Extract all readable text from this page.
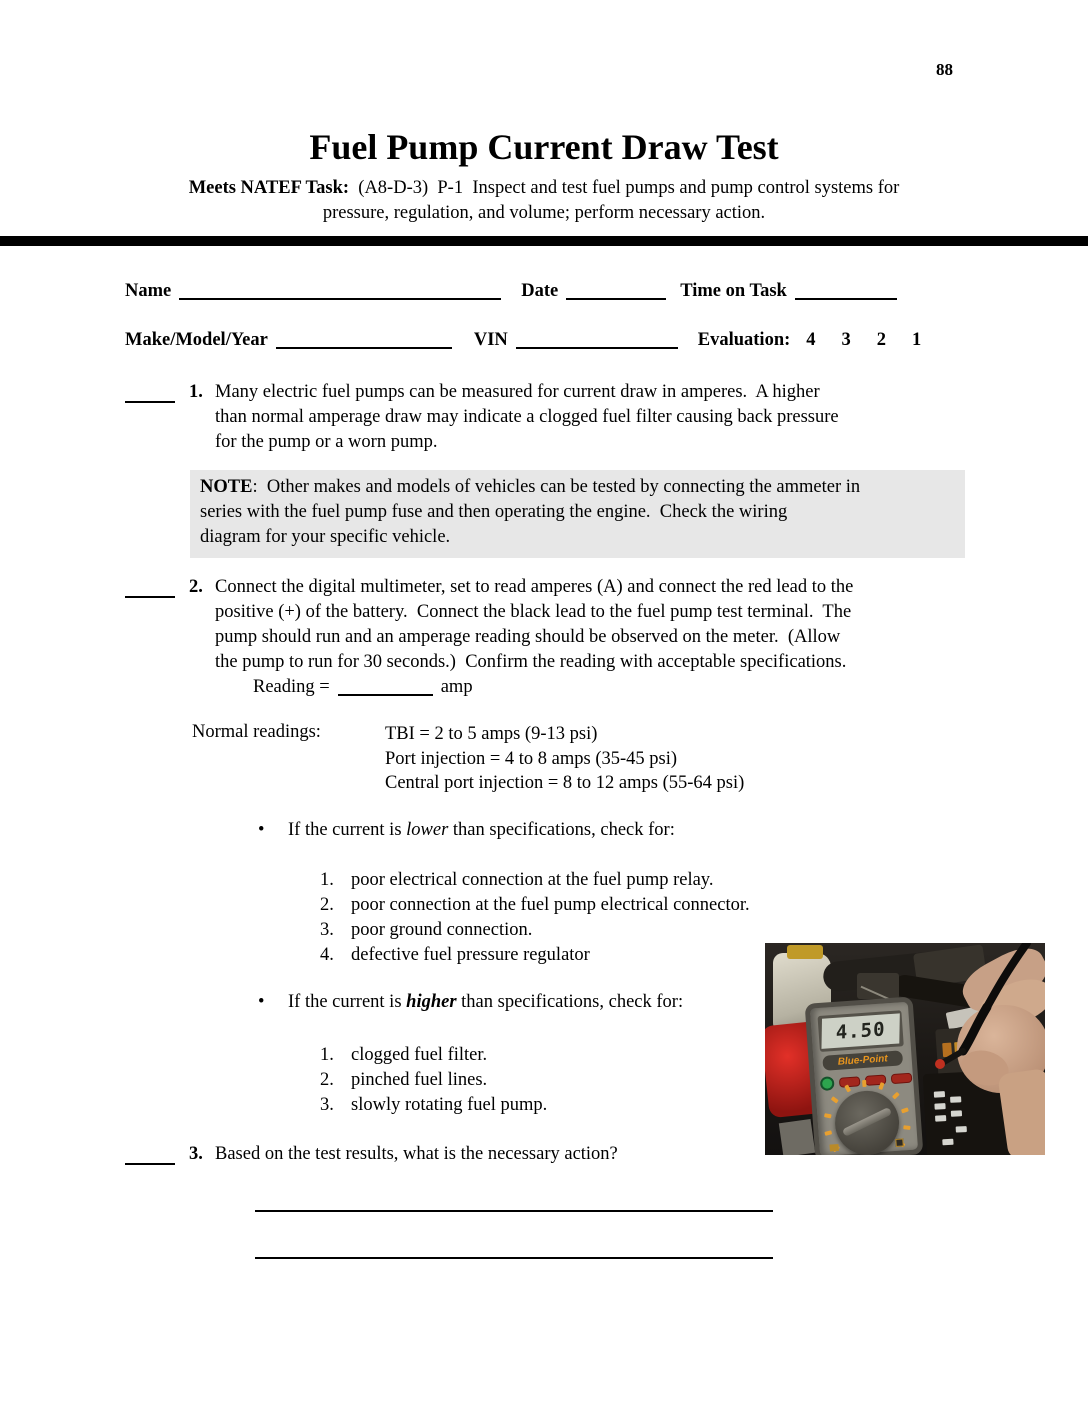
88
Fuel Pump Current Draw Test
Meets NATEF Task:  (A8-D-3)  P-1  Inspect and test fuel pumps and pump control systems for
pressure, regulation, and volume; perform necessary action.
Name	Date	Time on Task
Make/Model/Year	VIN	Evaluation: 4 3 2 1
1. Many electric fuel pumps can be measured for current draw in amperes.  A higher
than normal amperage draw may indicate a clogged fuel filter causing back pressure
for the pump or a worn pump.
NOTE:  Other makes and models of vehicles can be tested by connecting the ammeter in
series with the fuel pump fuse and then operating the engine.  Check the wiring
diagram for your specific vehicle.
2. Connect the digital multimeter, set to read amperes (A) and connect the red lead to the
positive (+) of the battery.  Connect the black lead to the fuel pump test terminal.  The
pump should run and an amperage reading should be observed on the meter.  (Allow
the pump to run for 30 seconds.)  Confirm the reading with acceptable specifications.
Reading =	amp
Normal readings:	TBI = 2 to 5 amps (9-13 psi)
Port injection = 4 to 8 amps (35-45 psi)
Central port injection = 8 to 12 amps (55-64 psi)
•	If the current is lower than specifications, check for:
1. poor electrical connection at the fuel pump relay.
2. poor connection at the fuel pump electrical connector.
3. poor ground connection.
4. defective fuel pressure regulator
•	If the current is higher than specifications, check for:
1. clogged fuel filter.
2. pinched fuel lines.
3. slowly rotating fuel pump.
3. Based on the test results, what is the necessary action?
4.50
Blue-Point
